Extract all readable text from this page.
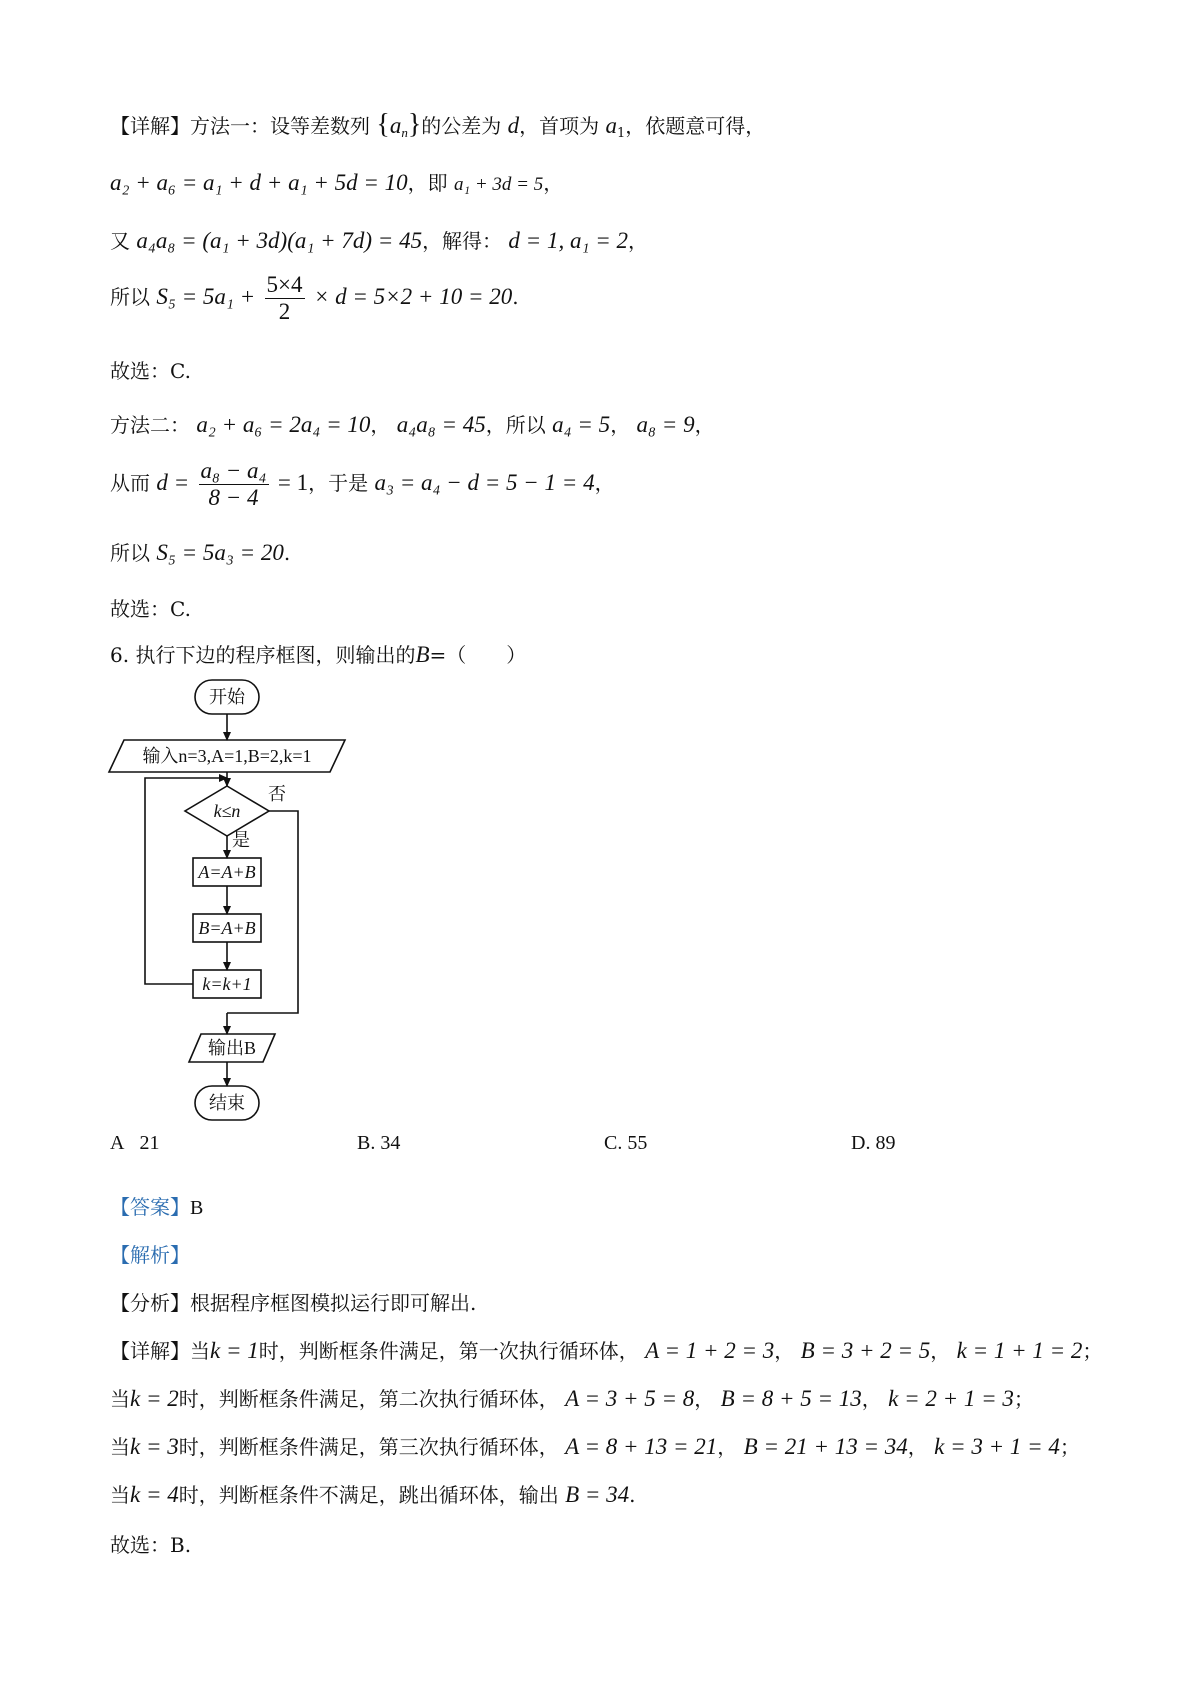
【详解】方法一：设等差数列 $\{a_n\}$的公差为 d，首项为 $a_1$，依题意可得，
a₂ + a₆ = a₁ + d + a₁ + 5d = 10，即 a₁ + 3d = 5，
又 a₄a₈ = (a₁ + 3d)(a₁ + 7d) = 45，解得： d = 1, a₁ = 2，
所以 $S_5 = 5a_1 + \frac{5\times 4}{2} \times d = 5\times 2 + 10 = 20$.
故选：C.
方法二： a₂ + a₆ = 2a₄ = 10， a₄a₈ = 45，所以 a₄ = 5， a₈ = 9，
从而 $d = \frac{\text{a₈ − a₄}}{8 - 4} = 1$，于是 a₃ = a₄ − d = 5 − 1 = 4，
所以 S₅ = 5a₃ = 20.
故选：C.
6. 执行下边的程序框图，则输出的B=（　　）
开始
输入n=3,A=1,B=2,k=1
k≤n
否
是
A=A+B
B=A+B
k=k+1
输出B
结束
A 21	B. 34	C. 55	D. 89
【答案】B
【解析】
【分析】根据程序框图模拟运行即可解出.
【详解】当k = 1时，判断框条件满足，第一次执行循环体， A = 1 + 2 = 3， B = 3 + 2 = 5， k = 1 + 1 = 2；
当k = 2时，判断框条件满足，第二次执行循环体， A = 3 + 5 = 8， B = 8 + 5 = 13， k = 2 + 1 = 3；
当k = 3时，判断框条件满足，第三次执行循环体， A = 8 + 13 = 21， B = 21 + 13 = 34， k = 3 + 1 = 4；
当k = 4时，判断框条件不满足，跳出循环体，输出 B = 34.
故选：B.
